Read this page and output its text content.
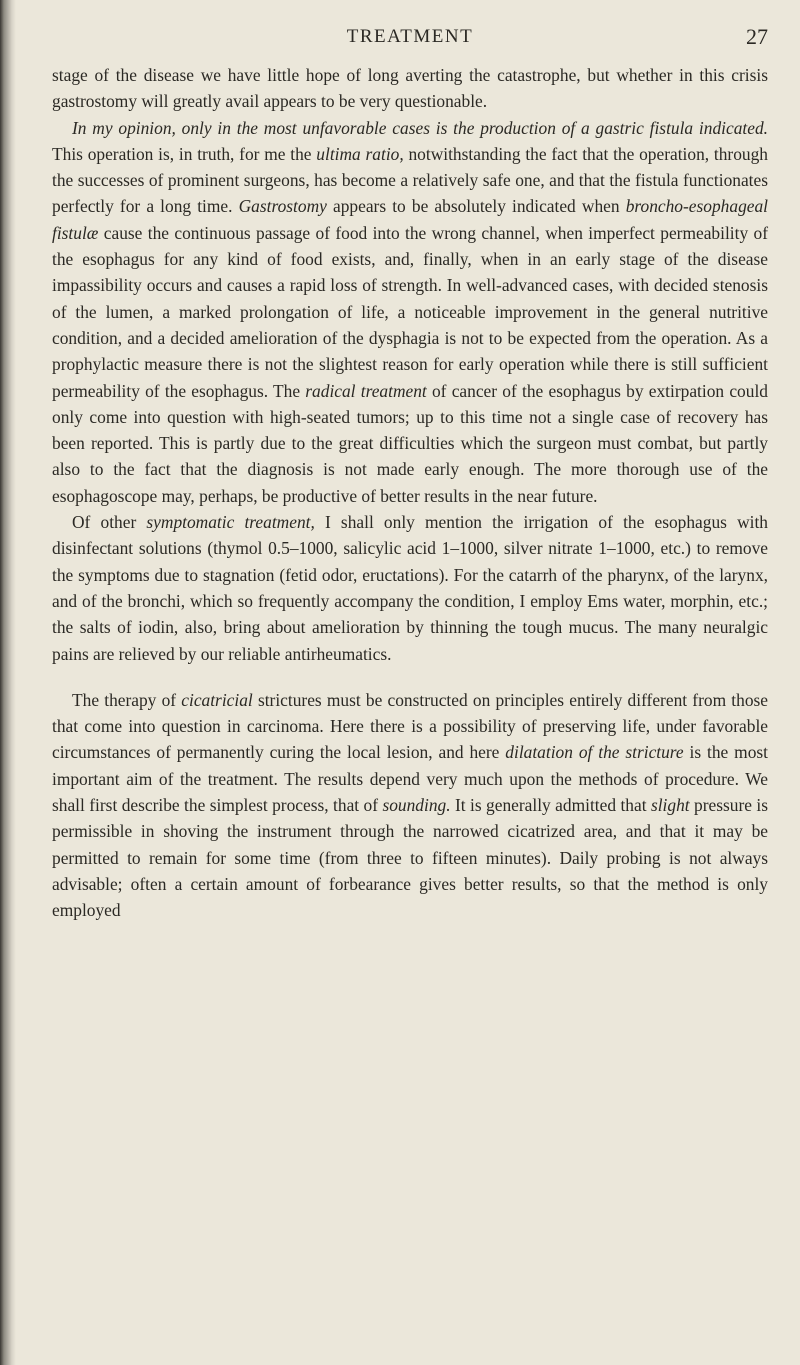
TREATMENT	27

stage of the disease we have little hope of long averting the catastrophe, but whether in this crisis gastrostomy will greatly avail appears to be very questionable.

In my opinion, only in the most unfavorable cases is the production of a gastric fistula indicated. This operation is, in truth, for me the ultima ratio, notwithstanding the fact that the operation, through the successes of prominent surgeons, has become a relatively safe one, and that the fistula functionates perfectly for a long time. Gastrostomy appears to be absolutely indicated when broncho-esophageal fistulæ cause the continuous passage of food into the wrong channel, when imperfect permeability of the esophagus for any kind of food exists, and, finally, when in an early stage of the disease impassibility occurs and causes a rapid loss of strength. In well-advanced cases, with decided stenosis of the lumen, a marked prolongation of life, a noticeable improvement in the general nutritive condition, and a decided amelioration of the dysphagia is not to be expected from the operation. As a prophylactic measure there is not the slightest reason for early operation while there is still sufficient permeability of the esophagus. The radical treatment of cancer of the esophagus by extirpation could only come into question with high-seated tumors; up to this time not a single case of recovery has been reported. This is partly due to the great difficulties which the surgeon must combat, but partly also to the fact that the diagnosis is not made early enough. The more thorough use of the esophagoscope may, perhaps, be productive of better results in the near future.

Of other symptomatic treatment, I shall only mention the irrigation of the esophagus with disinfectant solutions (thymol 0.5–1000, salicylic acid 1–1000, silver nitrate 1–1000, etc.) to remove the symptoms due to stagnation (fetid odor, eructations). For the catarrh of the pharynx, of the larynx, and of the bronchi, which so frequently accompany the condition, I employ Ems water, morphin, etc.; the salts of iodin, also, bring about amelioration by thinning the tough mucus. The many neuralgic pains are relieved by our reliable antirheumatics.

The therapy of cicatricial strictures must be constructed on principles entirely different from those that come into question in carcinoma. Here there is a possibility of preserving life, under favorable circumstances of permanently curing the local lesion, and here dilatation of the stricture is the most important aim of the treatment. The results depend very much upon the methods of procedure. We shall first describe the simplest process, that of sounding. It is generally admitted that slight pressure is permissible in shoving the instrument through the narrowed cicatrized area, and that it may be permitted to remain for some time (from three to fifteen minutes). Daily probing is not always advisable; often a certain amount of forbearance gives better results, so that the method is only employed
